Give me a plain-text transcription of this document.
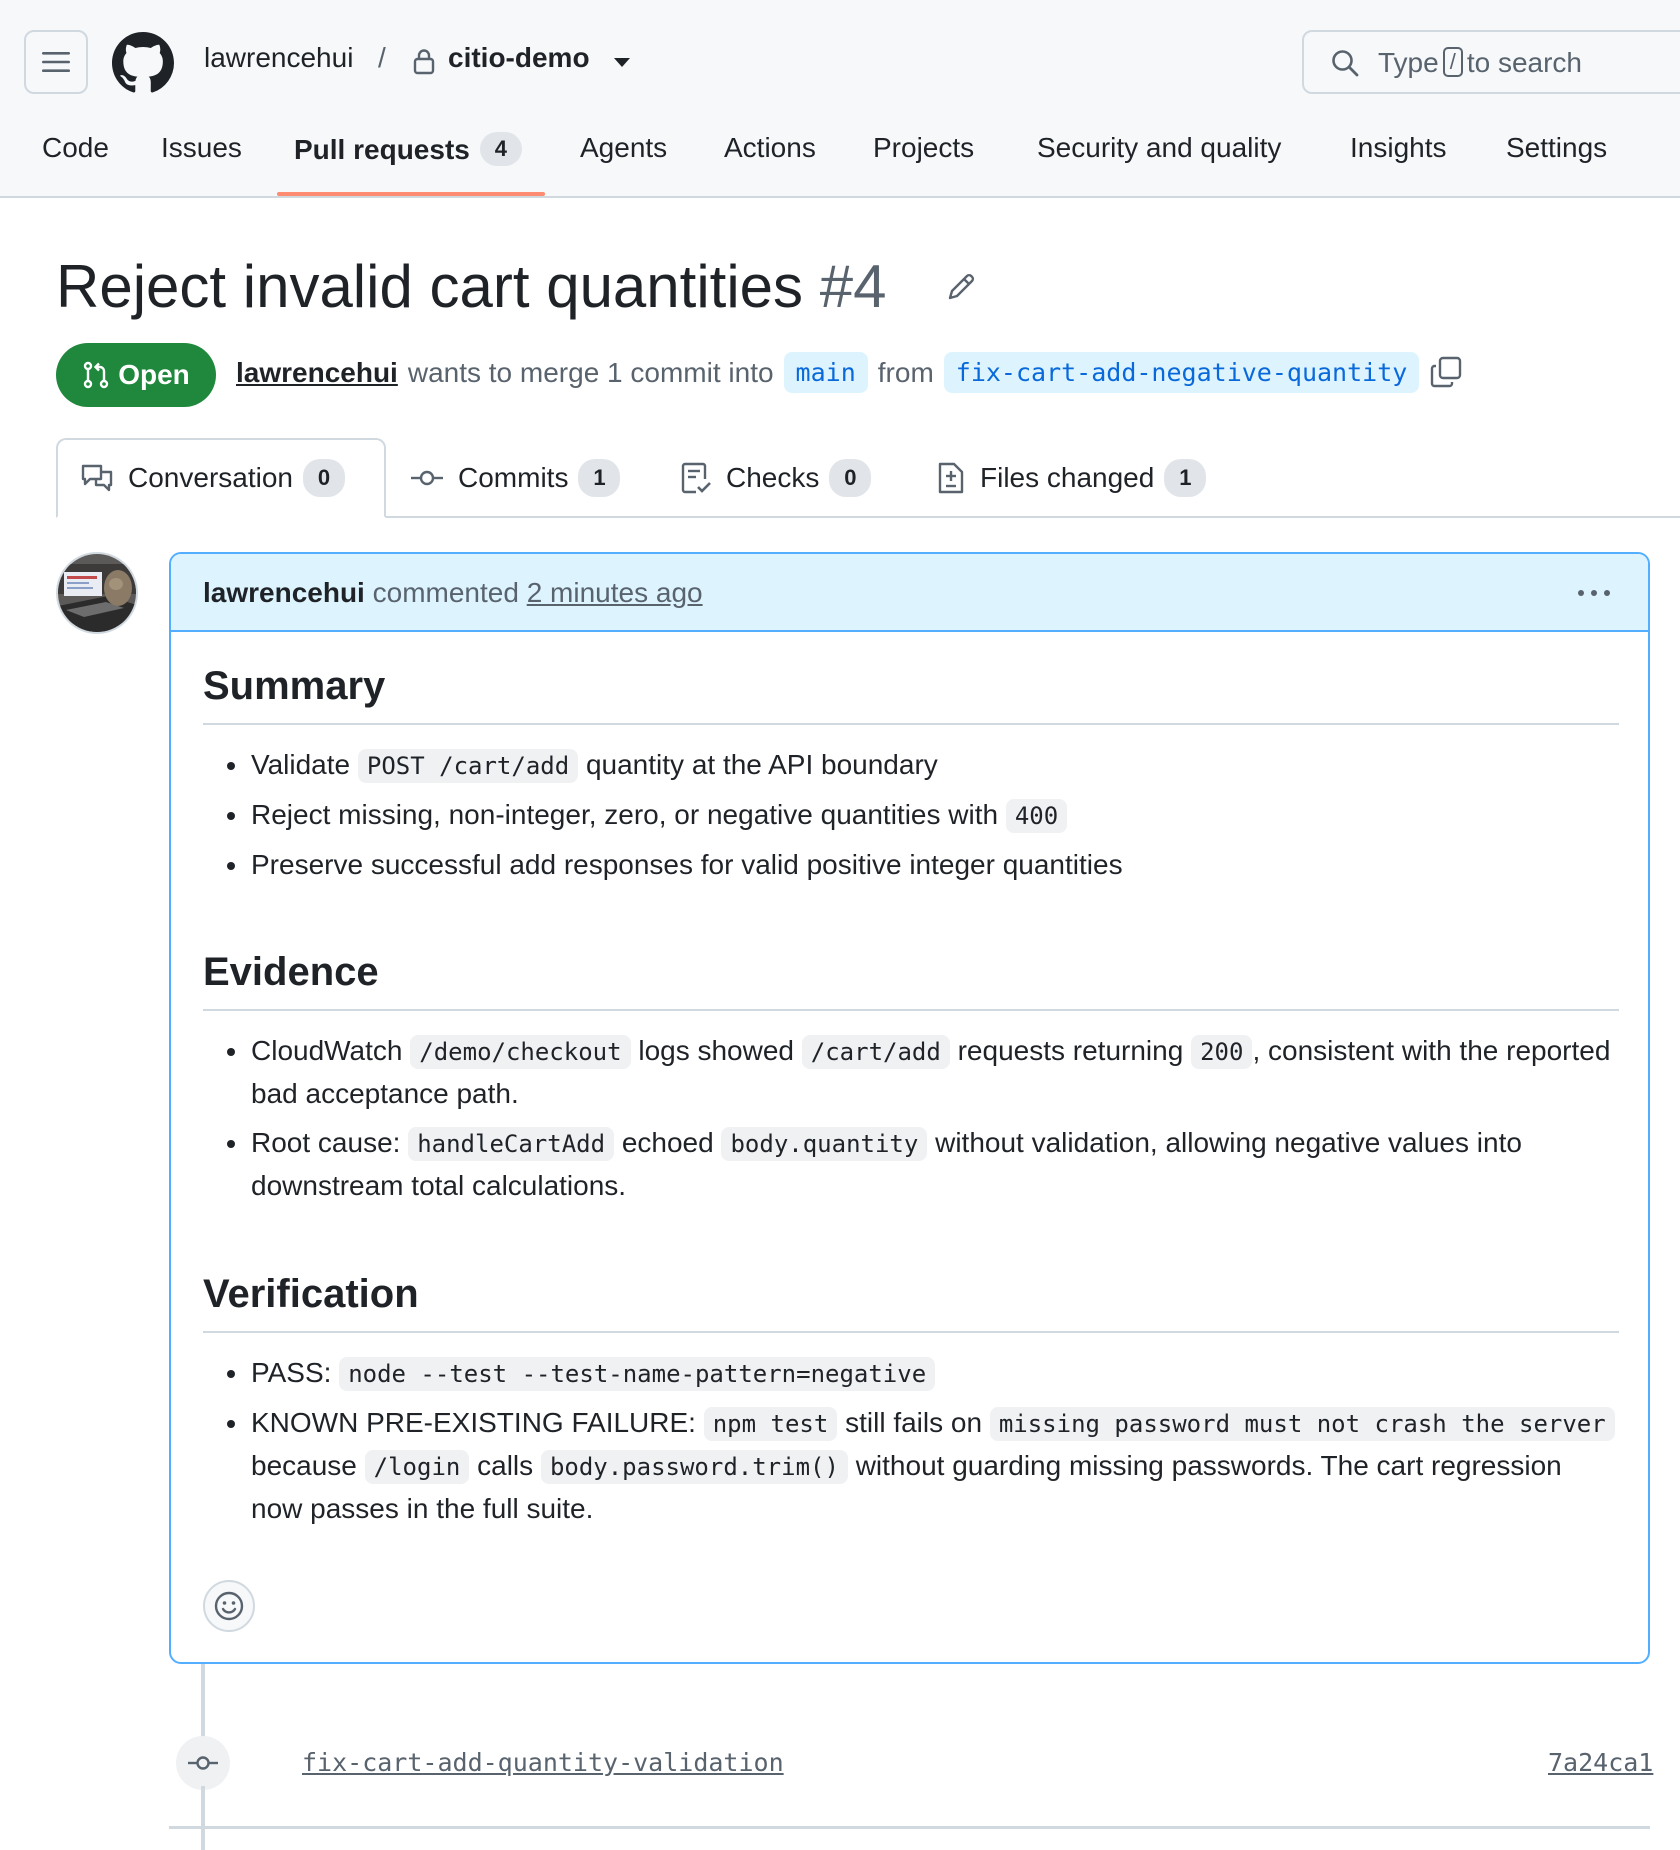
lawrencehui / citio-demo	Type / to search
Code Issues Pull requests 4	Agents Actions Projects Security and quality Insights Settings
Reject invalid cart quantities #4
Open lawrencehui wants to merge 1 commit into main from fix-cart-add-negative-quantity
Conversation	0	Commits	1	Checks	0	Files changed	1
lawrencehui commented 2 minutes ago
Summary
Validate POST /cart/add quantity at the API boundary
Reject missing, non-integer, zero, or negative quantities with 400
Preserve successful add responses for valid positive integer quantities
Evidence
CloudWatch /demo/checkout logs showed /cart/add requests returning 200 , consistent with the reported bad acceptance path.
Root cause: handleCartAdd echoed body.quantity without validation, allowing negative values into downstream total calculations.
Verification
PASS: node --test --test-name-pattern=negative
KNOWN PRE-EXISTING FAILURE: npm test still fails on missing password must not crash the server because /login calls body.password.trim() without guarding missing passwords. The cart regression now passes in the full suite.
fix-cart-add-quantity-validation	7a24ca1
